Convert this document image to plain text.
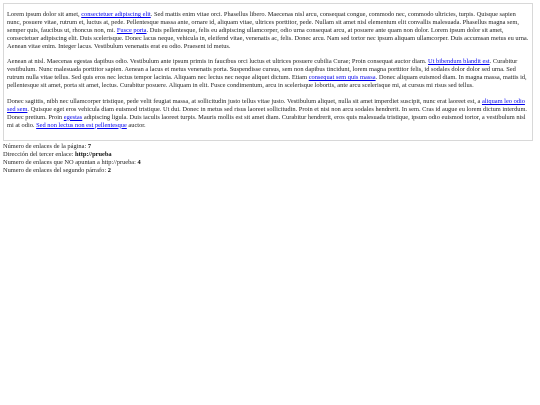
Lorem ipsum dolor sit amet, consectetuer adipiscing elit. Sed mattis enim vitae orci. Phasellus libero. Maecenas nisl arcu, consequat congue, commodo nec, commodo ultricies, turpis. Quisque sapien nunc, posuere vitae, rutrum et, luctus at, pede. Pellentesque massa ante, ornare id, aliquam vitae, ultrices porttitor, pede. Nullam sit amet nisl elementum elit convallis malesuada. Phasellus magna sem, semper quis, faucibus ut, rhoncus non, mi. Fusce porta. Duis pellentesque, felis eu adipiscing ullamcorper, odio urna consequat arcu, at posuere ante quam non dolor. Lorem ipsum dolor sit amet, consectetuer adipiscing elit. Duis scelerisque. Donec lacus neque, vehicula in, eleifend vitae, venenatis ac, felis. Donec arcu. Nam sed tortor nec ipsum aliquam ullamcorper. Duis accumsan metus eu urna. Aenean vitae enim. Integer lacus. Vestibulum venenatis erat eu odio. Praesent id metus.

Aenean at nisl. Maecenas egestas dapibus odio. Vestibulum ante ipsum primis in faucibus orci luctus et ultrices posuere cubilia Curae; Proin consequat auctor diam. Ut bibendum blandit est. Curabitur vestibulum. Nunc malesuada porttitor sapien. Aenean a lacus et metus venenatis porta. Suspendisse cursus, sem non dapibus tincidunt, lorem magna porttitor felis, id sodales dolor dolor sed urna. Sed rutrum nulla vitae tellus. Sed quis eros nec lectus tempor lacinia. Aliquam nec lectus nec neque aliquet dictum. Etiam consequat sem quis massa. Donec aliquam euismod diam. In magna massa, mattis id, pellentesque sit amet, porta sit amet, lectus. Curabitur posuere. Aliquam in elit. Fusce condimentum, arcu in scelerisque lobortis, ante arcu scelerisque mi, at cursus mi risus sed tellus.

Donec sagittis, nibh nec ullamcorper tristique, pede velit feugiat massa, at sollicitudin justo tellus vitae justo. Vestibulum aliquet, nulla sit amet imperdiet suscipit, nunc erat laoreet est, a aliquam leo odio sed sem. Quisque eget eros vehicula diam euismod tristique. Ut dui. Donec in metus sed risus laoreet sollicitudin. Proin et nisi non arcu sodales hendrerit. In sem. Cras id augue eu lorem dictum interdum. Donec pretium. Proin egestas adipiscing ligula. Duis iaculis laoreet turpis. Mauris mollis est sit amet diam. Curabitur hendrerit, eros quis malesuada tristique, ipsum odio euismod tortor, a vestibulum nisl mi at odio. Sed non lectus non est pellentesque auctor.

Número de enlaces de la página: 7
Dirección del tercer enlace: http://prueba
Numero de enlaces que NO apuntan a http://prueba: 4
Numero de enlaces del segundo párrafo: 2
